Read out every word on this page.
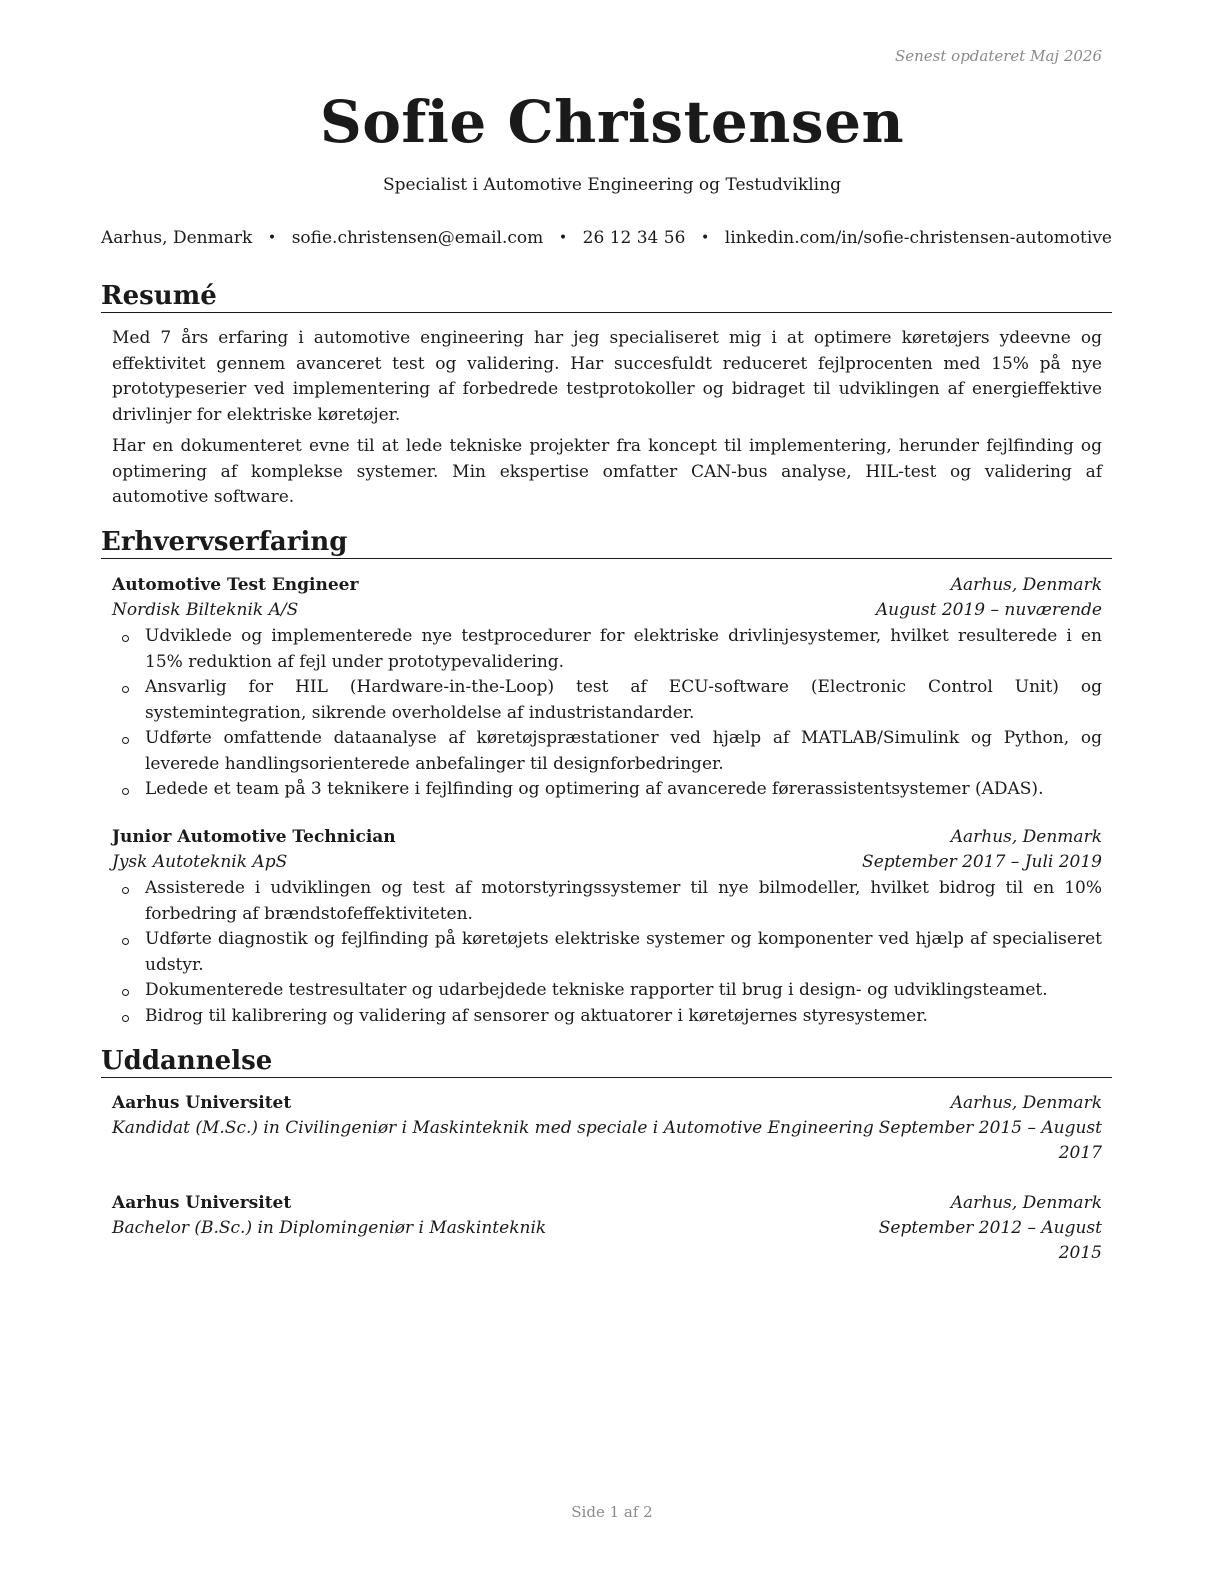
Senest opdateret Maj 2026
Sofie Christensen
Specialist i Automotive Engineering og Testudvikling
Aarhus, Denmark • sofie.christensen@email.com • 26 12 34 56 • linkedin.com/in/sofie-christensen-automotive
Resumé

Med 7 års erfaring i automotive engineering har jeg specialiseret mig i at optimere køretøjers ydeevne og effektivitet gennem avanceret test og validering. Har succesfuldt reduceret fejlprocenten med 15% på nye prototypeserier ved implementering af forbedrede testprotokoller og bidraget til udviklingen af energieffektive drivlinjer for elektriske køretøjer.

Har en dokumenteret evne til at lede tekniske projekter fra koncept til implementering, herunder fejlfinding og optimering af komplekse systemer. Min ekspertise omfatter CAN-bus analyse, HIL-test og validering af automotive software.

Erhvervserfaring
Automotive Test Engineer	Aarhus, Denmark
Nordisk Bilteknik A/S	August 2019 – nuværende
Udviklede og implementerede nye testprocedurer for elektriske drivlinjesystemer, hvilket resulterede i en 15% reduktion af fejl under prototypevalidering.
Ansvarlig for HIL (Hardware-in-the-Loop) test af ECU-software (Electronic Control Unit) og systemintegration, sikrende overholdelse af industristandarder.
Udførte omfattende dataanalyse af køretøjspræstationer ved hjælp af MATLAB/Simulink og Python, og leverede handlingsorienterede anbefalinger til designforbedringer.
Ledede et team på 3 teknikere i fejlfinding og optimering af avancerede førerassistentsystemer (ADAS).
Junior Automotive Technician	Aarhus, Denmark
Jysk Autoteknik ApS	September 2017 – Juli 2019
Assisterede i udviklingen og test af motorstyringssystemer til nye bilmodeller, hvilket bidrog til en 10% forbedring af brændstofeffektiviteten.
Udførte diagnostik og fejlfinding på køretøjets elektriske systemer og komponenter ved hjælp af specialiseret udstyr.
Dokumenterede testresultater og udarbejdede tekniske rapporter til brug i design- og udviklingsteamet.
Bidrog til kalibrering og validering af sensorer og aktuatorer i køretøjernes styresystemer.
Uddannelse
Aarhus Universitet	Aarhus, Denmark
Kandidat (M.Sc.) in Civilingeniør i Maskinteknik med speciale i Automotive Engineering September 2015 – August
2017
Aarhus Universitet	Aarhus, Denmark
Bachelor (B.Sc.) in Diplomingeniør i Maskinteknik	September 2012 – August
2015
Side 1 af 2
